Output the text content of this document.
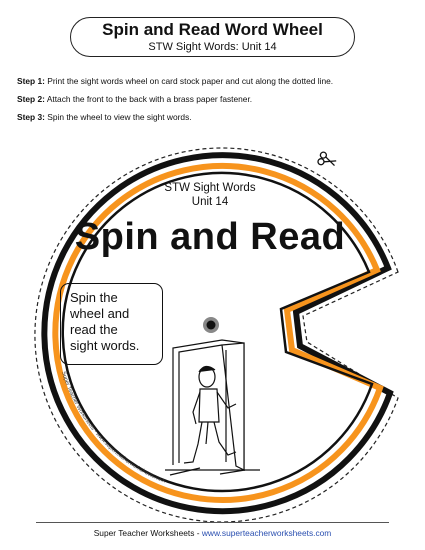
Spin and Read Word Wheel
STW Sight Words: Unit 14
Step 1: Print the sight words wheel on card stock paper and cut along the dotted line.
Step 2: Attach the front to the back with a brass paper fastener.
Step 3: Spin the wheel to view the sight words.
Super Teacher Worksheets - www.superteacherworksheets.com
STW Sight Words
Unit 14
Spin and Read
Spin the
wheel and
read the
sight words.
Super Teacher Worksheets - www.superteacherworksheets.com
